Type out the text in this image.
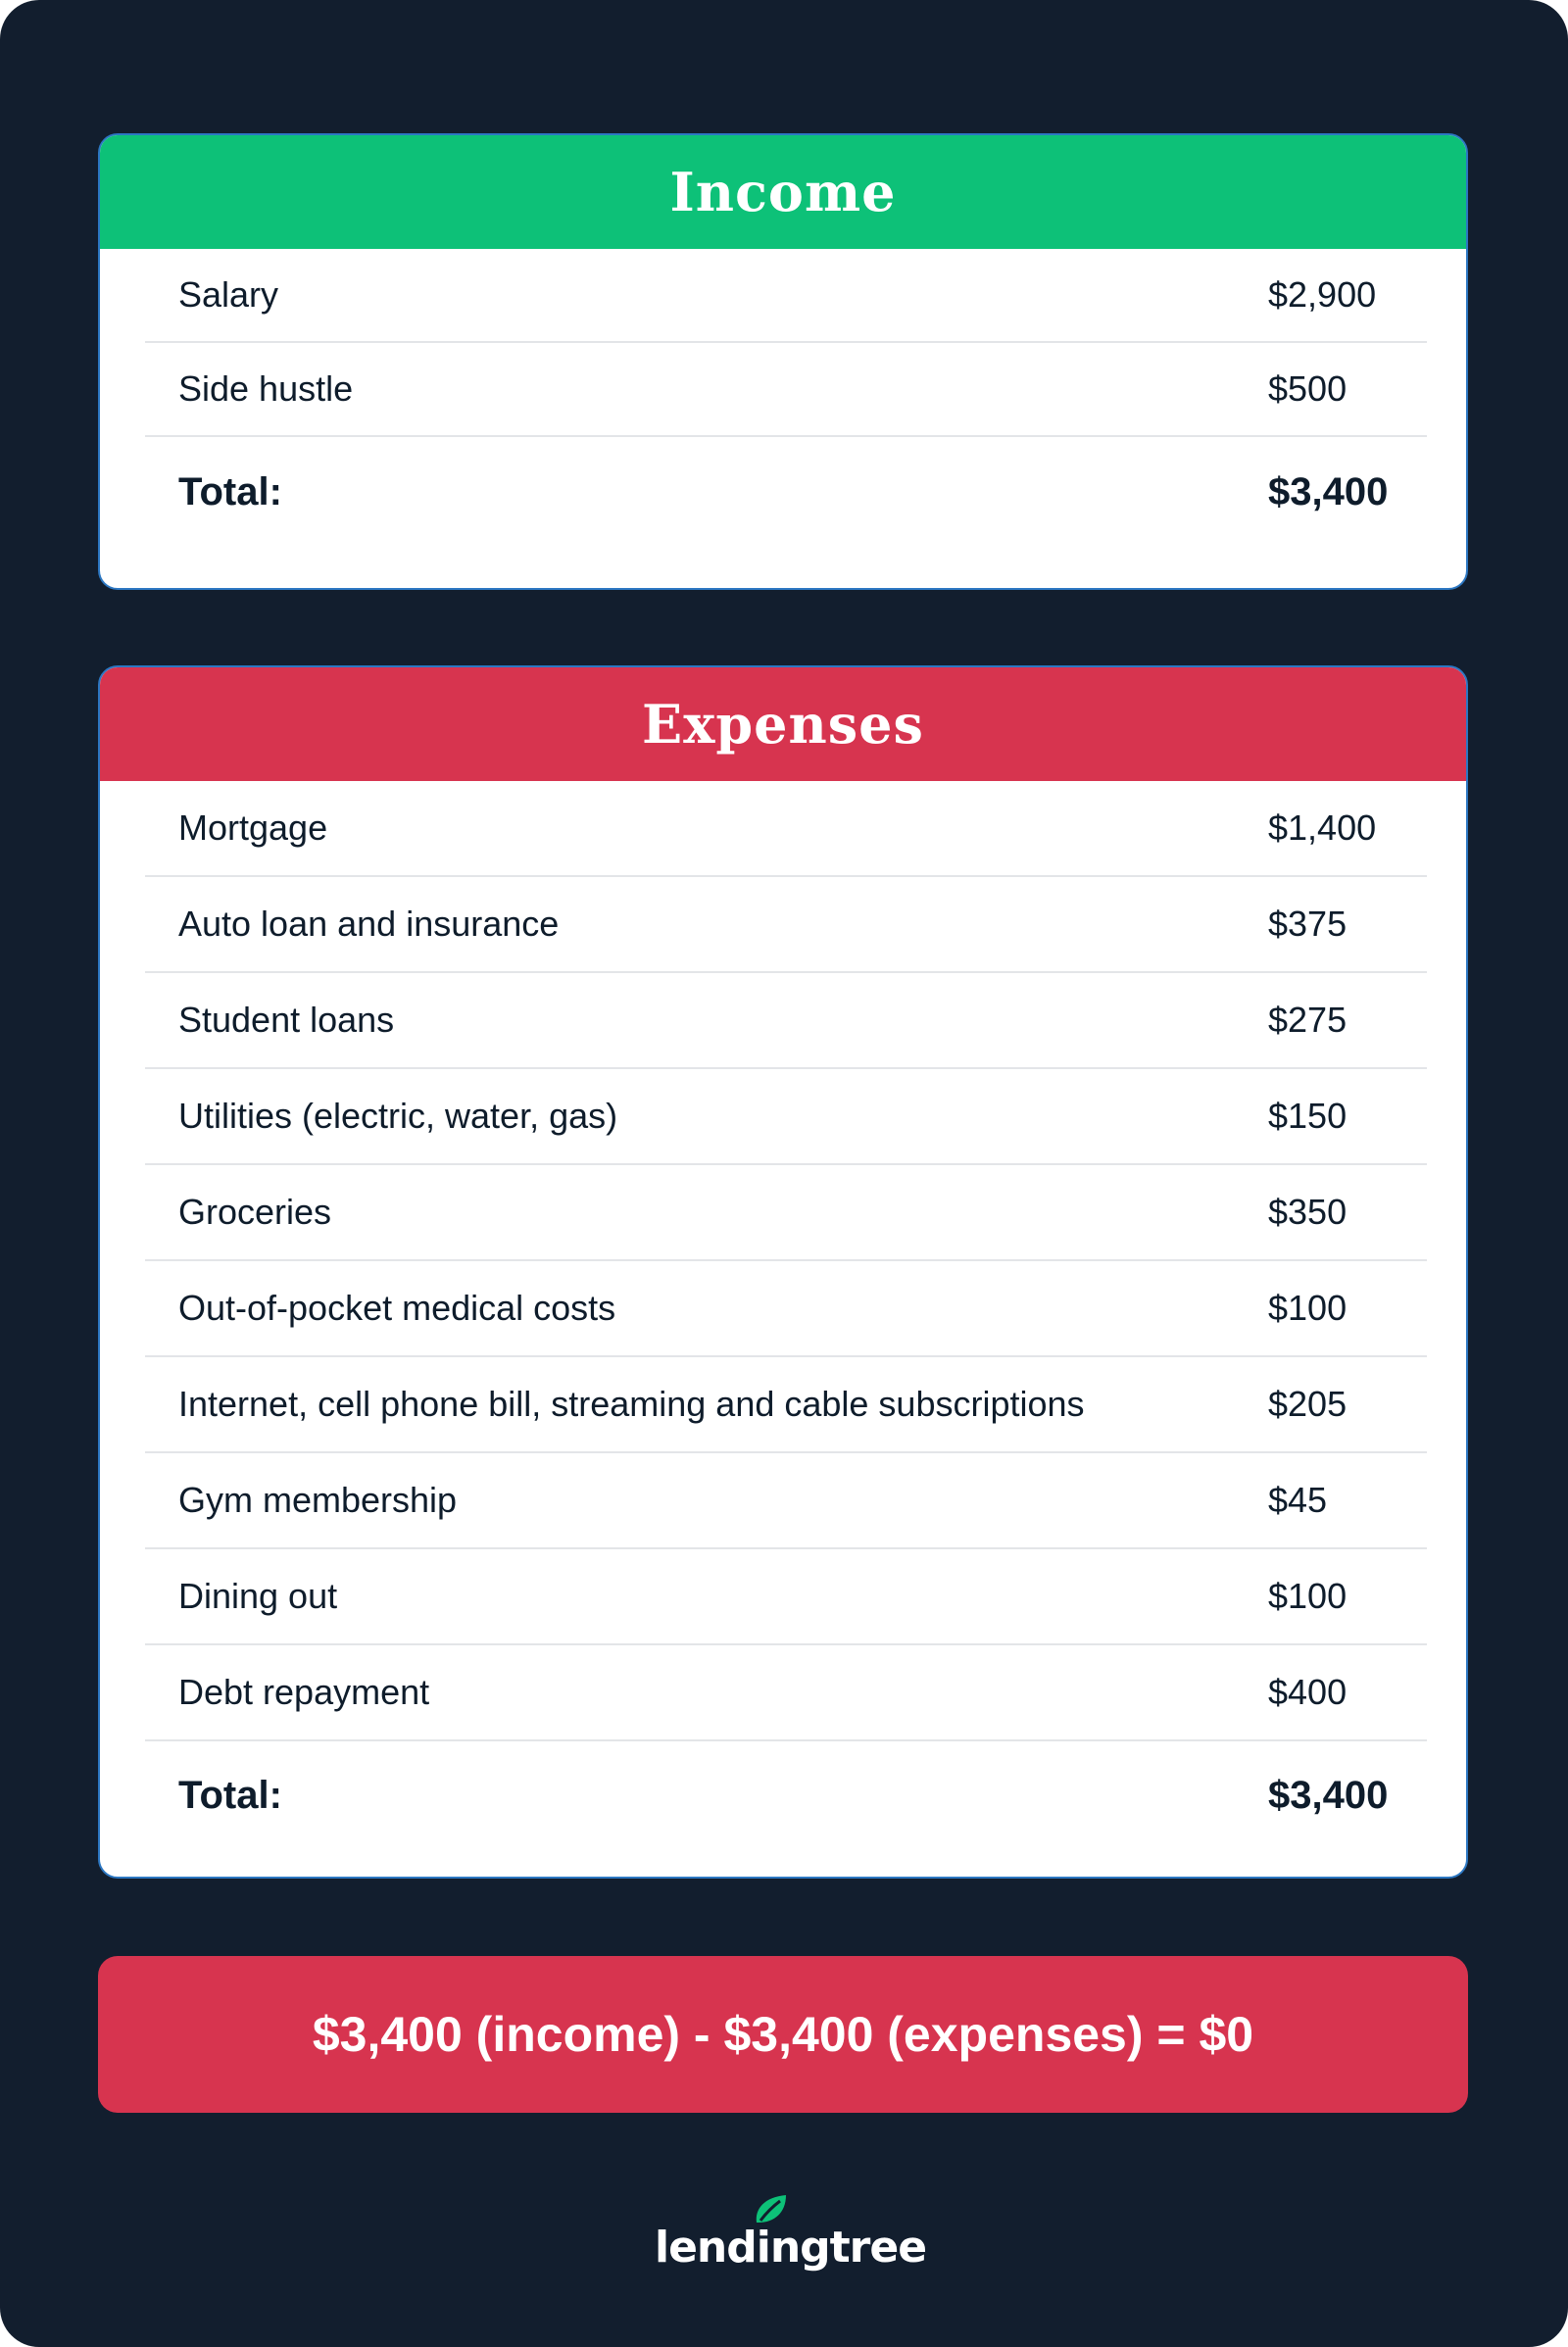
Income
Salary	$2,900
Side hustle	$500
Total:	$3,400
Expenses
Mortgage	$1,400
Auto loan and insurance	$375
Student loans	$275
Utilities (electric, water, gas)	$150
Groceries	$350
Out-of-pocket medical costs	$100
Internet, cell phone bill, streaming and cable subscriptions	$205
Gym membership	$45
Dining out	$100
Debt repayment	$400
Total:	$3,400
$3,400 (income) - $3,400 (expenses) = $0
lendingtree
